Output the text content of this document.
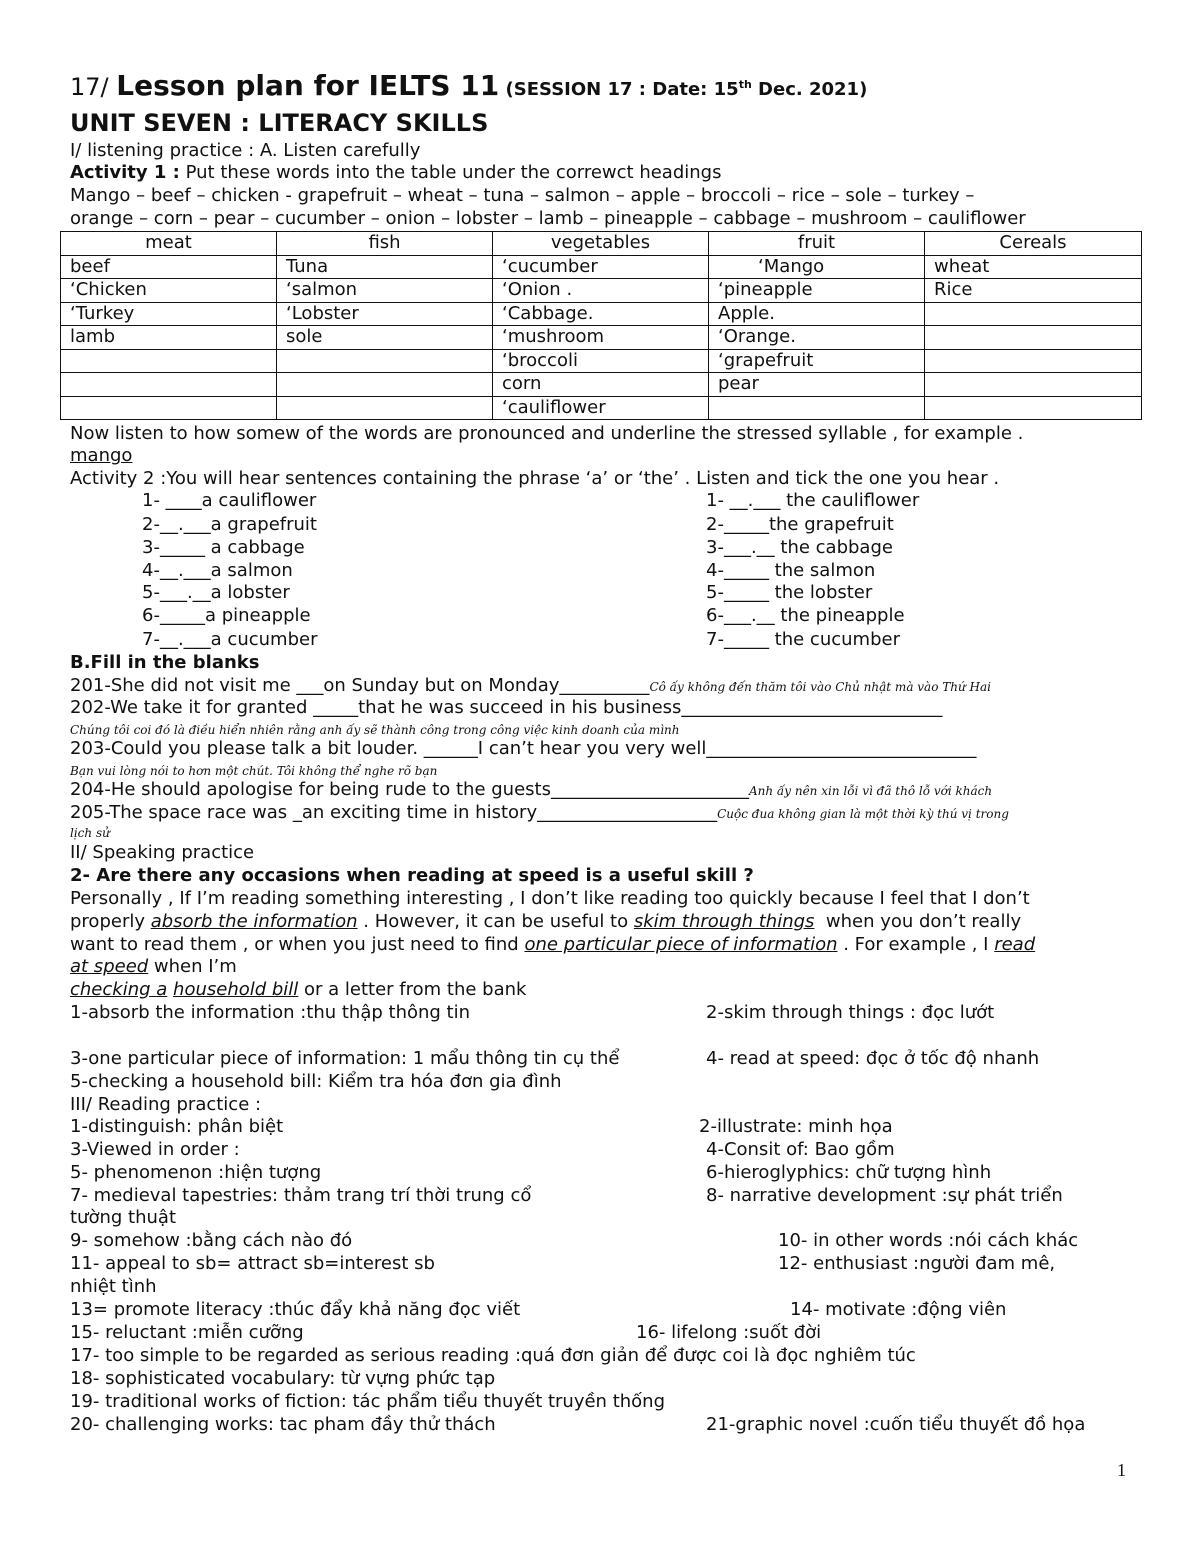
17/ Lesson plan for IELTS 11 (SESSION 17 : Date: 15th Dec. 2021)
UNIT SEVEN : LITERACY SKILLS
I/ listening practice : A. Listen carefully
Activity 1 : Put these words into the table under the correwct headings
Mango – beef – chicken - grapefruit – wheat – tuna – salmon – apple – broccoli – rice – sole – turkey –
orange – corn – pear – cucumber – onion – lobster – lamb – pineapple – cabbage – mushroom – cauliflower
meat	fish	vegetables	fruit	Cereals
beef	Tuna	‘cucumber	‘Mango	wheat
‘Chicken	‘salmon	‘Onion .	‘pineapple	Rice
‘Turkey	‘Lobster	‘Cabbage.	Apple.	
lamb	sole	‘mushroom	‘Orange.	
		‘broccoli	‘grapefruit	
		corn	pear	
		‘cauliflower		
Now listen to how somew of the words are pronounced and underline the stressed syllable , for example .
mango
Activity 2 :You will hear sentences containing the phrase ‘a’ or ‘the’ . Listen and tick the one you hear .
1- ____a cauliflower
2-__.___a grapefruit
3-_____ a cabbage
4-__.___a salmon
5-___.__a lobster
6-_____a pineapple
7-__.___a cucumber
1- __.___ the cauliflower
2-_____the grapefruit
3-___.__ the cabbage
4-_____ the salmon
5-_____ the lobster
6-___.__ the pineapple
7-_____ the cucumber
B.Fill in the blanks
201-She did not visit me ___on Sunday but on Monday__________Cô ấy không đến thăm tôi vào Chủ nhật mà vào Thứ Hai
202-We take it for granted _____that he was succeed in his business_____________________________
Chúng tôi coi đó là điều hiển nhiên rằng anh ấy sẽ thành công trong công việc kinh doanh của mình
203-Could you please talk a bit louder. ______I can’t hear you very well______________________________
Bạn vui lòng nói to hơn một chút. Tôi không thể nghe rõ bạn
204-He should apologise for being rude to the guests______________________Anh ấy nên xin lỗi vì đã thô lỗ với khách
205-The space race was _an exciting time in history____________________Cuộc đua không gian là một thời kỳ thú vị trong
lịch sử
II/ Speaking practice
2- Are there any occasions when reading at speed is a useful skill ?
Personally , If I’m reading something interesting , I don’t like reading too quickly because I feel that I don’t
properly absorb the information . However, it can be useful to skim through things  when you don’t really
want to read them , or when you just need to find one particular piece of information . For example , I read
at speed when I’m
checking a household bill or a letter from the bank
1-absorb the information :thu thập thông tin	2-skim through things : đọc lướt
3-one particular piece of information: 1 mẩu thông tin cụ thể	4- read at speed: đọc ở tốc độ nhanh
5-checking a household bill: Kiểm tra hóa đơn gia đình
III/ Reading practice :
1-distinguish: phân biệt	2-illustrate: minh họa
3-Viewed in order :	4-Consit of: Bao gồm
5- phenomenon :hiện tượng	6-hieroglyphics: chữ tượng hình
7- medieval tapestries: thảm trang trí thời trung cổ	8- narrative development :sự phát triển
tường thuật
9- somehow :bằng cách nào đó	10- in other words :nói cách khác
11- appeal to sb= attract sb=interest sb	12- enthusiast :người đam mê,
nhiệt tình
13= promote literacy :thúc đẩy khả năng đọc viết	14- motivate :động viên
15- reluctant :miễn cưỡng	16- lifelong :suốt đời
17- too simple to be regarded as serious reading :quá đơn giản để được coi là đọc nghiêm túc
18- sophisticated vocabulary: từ vựng phức tạp
19- traditional works of fiction: tác phẩm tiểu thuyết truyền thống
20- challenging works: tac pham đầy thử thách	21-graphic novel :cuốn tiểu thuyết đồ họa
1
